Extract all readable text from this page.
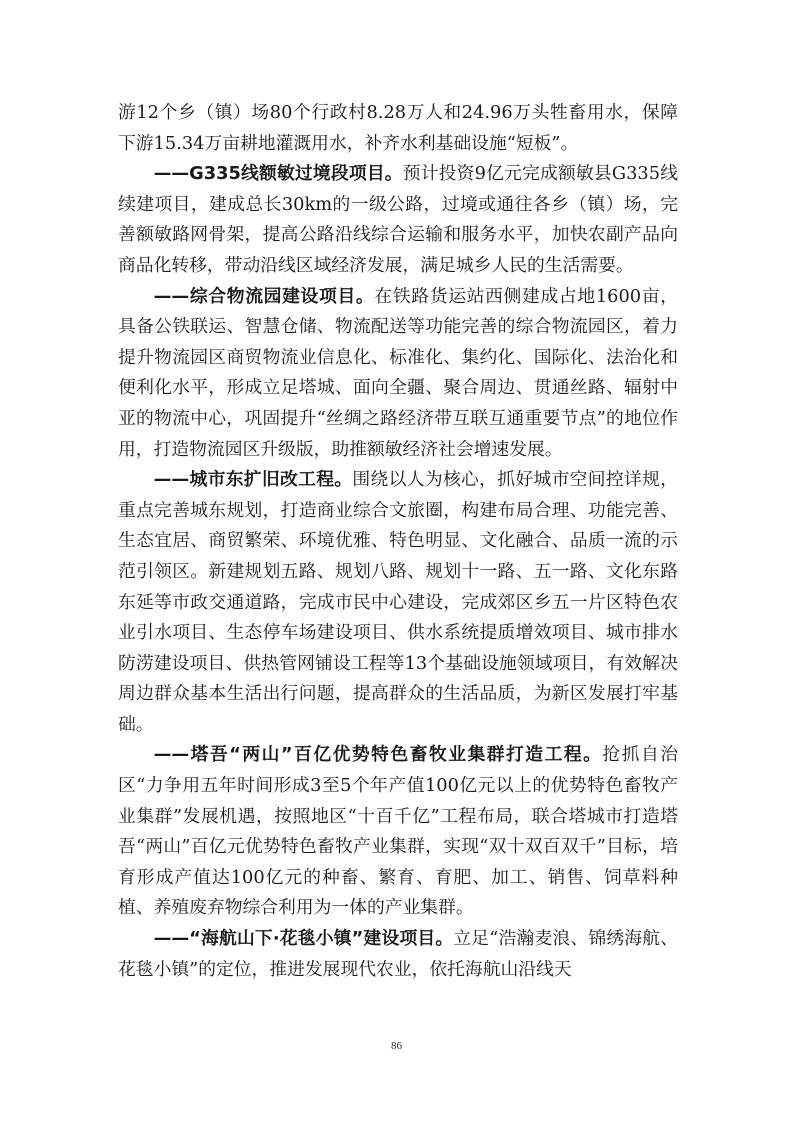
游12个乡（镇）场80个行政村8.28万人和24.96万头牲畜用水，保障下游15.34万亩耕地灌溉用水，补齐水利基础设施“短板”。

——G335线额敏过境段项目。预计投资9亿元完成额敏县G335线续建项目，建成总长30km的一级公路，过境或通往各乡（镇）场，完善额敏路网骨架，提高公路沿线综合运输和服务水平，加快农副产品向商品化转移，带动沿线区域经济发展，满足城乡人民的生活需要。

——综合物流园建设项目。在铁路货运站西侧建成占地1600亩，具备公铁联运、智慧仓储、物流配送等功能完善的综合物流园区，着力提升物流园区商贸物流业信息化、标准化、集约化、国际化、法治化和便利化水平，形成立足塔城、面向全疆、聚合周边、贯通丝路、辐射中亚的物流中心，巩固提升“丝绸之路经济带互联互通重要节点”的地位作用，打造物流园区升级版，助推额敏经济社会增速发展。

——城市东扩旧改工程。围绕以人为核心，抓好城市空间控详规，重点完善城东规划，打造商业综合文旅圈，构建布局合理、功能完善、生态宜居、商贸繁荣、环境优雅、特色明显、文化融合、品质一流的示范引领区。新建规划五路、规划八路、规划十一路、五一路、文化东路东延等市政交通道路，完成市民中心建设，完成郊区乡五一片区特色农业引水项目、生态停车场建设项目、供水系统提质增效项目、城市排水防涝建设项目、供热管网铺设工程等13个基础设施领域项目，有效解决周边群众基本生活出行问题，提高群众的生活品质，为新区发展打牢基础。

——塔吾“两山”百亿优势特色畜牧业集群打造工程。抢抓自治区“力争用五年时间形成3至5个年产值100亿元以上的优势特色畜牧产业集群”发展机遇，按照地区“十百千亿”工程布局，联合塔城市打造塔吾“两山”百亿元优势特色畜牧产业集群，实现“双十双百双千”目标，培育形成产值达100亿元的种畜、繁育、育肥、加工、销售、饲草料种植、养殖废弃物综合利用为一体的产业集群。

——“海航山下·花毯小镇”建设项目。立足“浩瀚麦浪、锦绣海航、花毯小镇”的定位，推进发展现代农业，依托海航山沿线天

86
